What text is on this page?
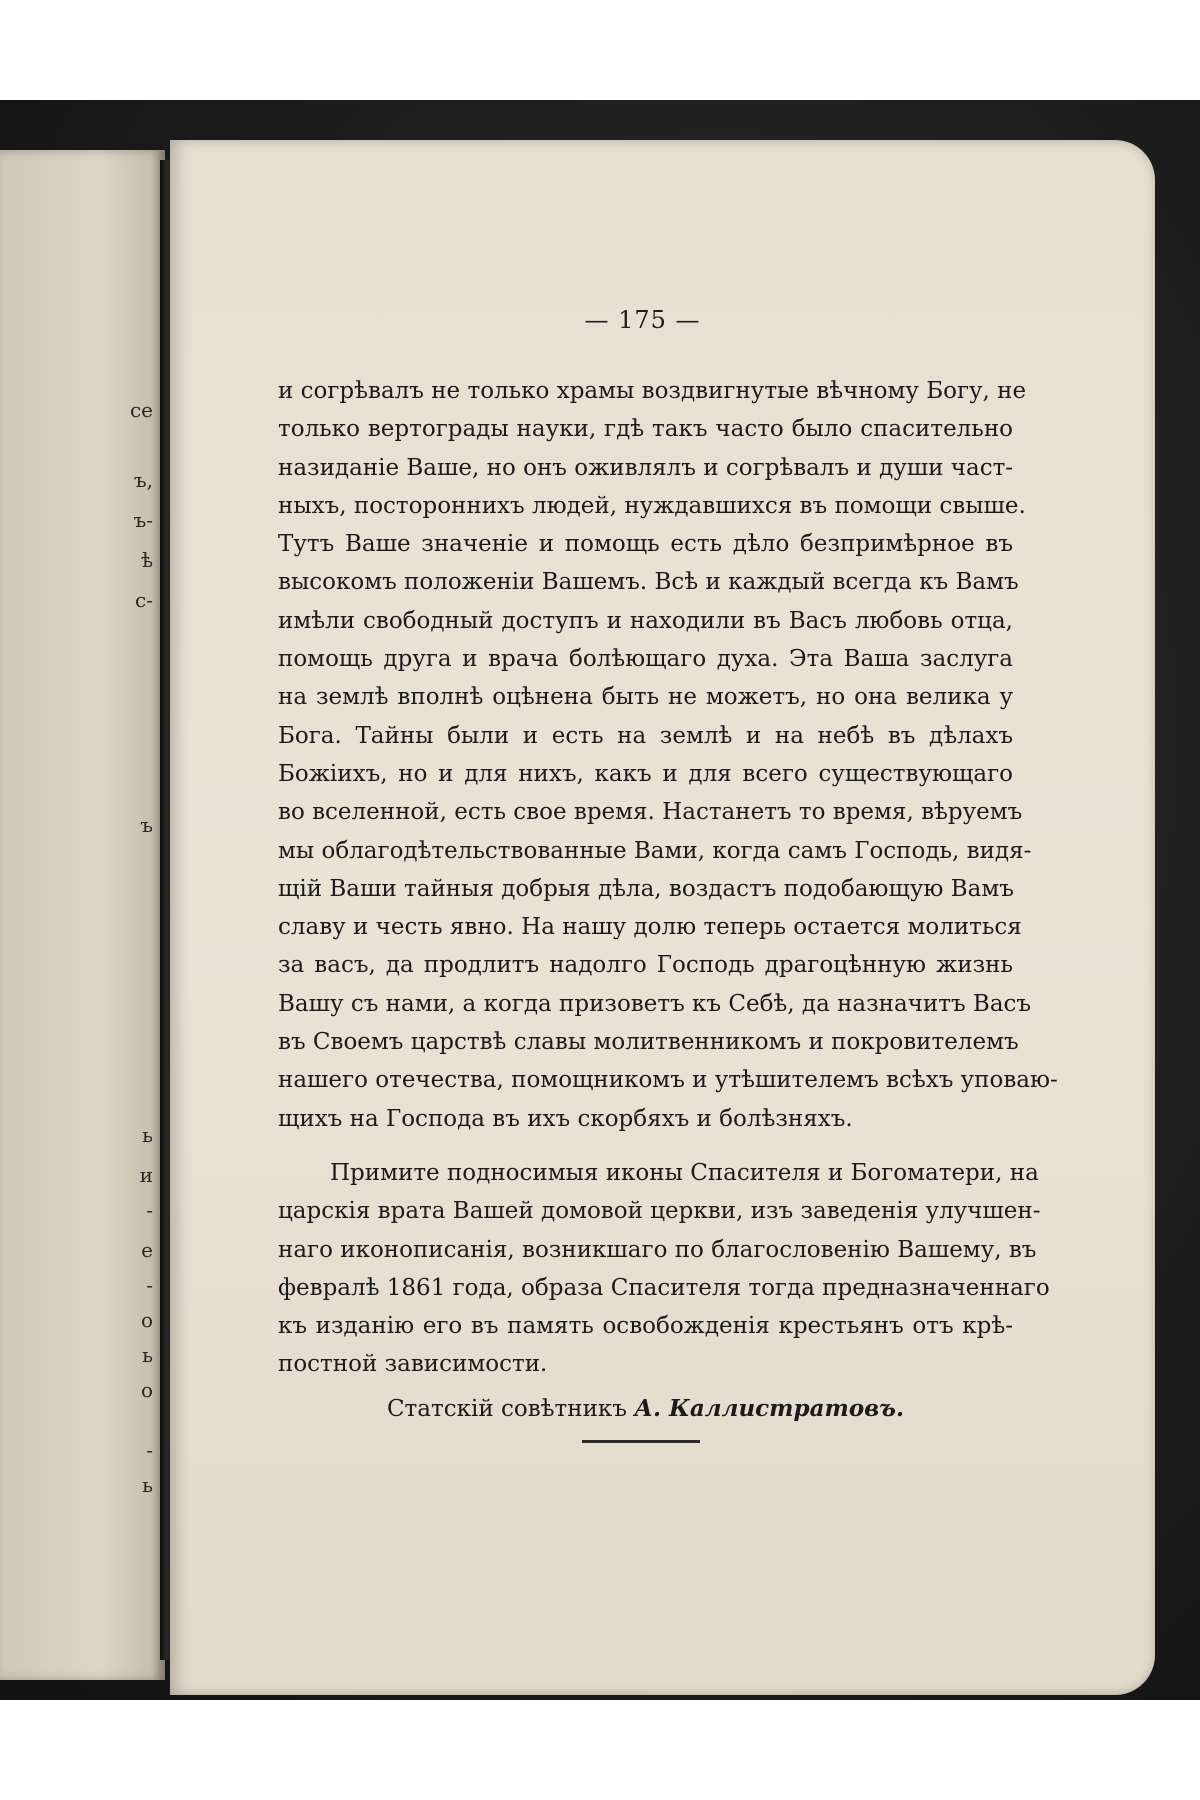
се
ъ,
ъ-
ѣ
с-
ъ
ь
и
-
е
-
о
ь
о
-
ь
— 175 —
и согрѣвалъ не только храмы воздвигнутые вѣчному Богу, не
только вертограды науки, гдѣ такъ часто было спасительно
назиданіе Ваше, но онъ оживлялъ и согрѣвалъ и души част-
ныхъ, постороннихъ людей, нуждавшихся въ помощи свыше.
Тутъ Ваше значеніе и помощь есть дѣло безпримѣрное въ
высокомъ положеніи Вашемъ. Всѣ и каждый всегда къ Вамъ
имѣли свободный доступъ и находили въ Васъ любовь отца,
помощь друга и врача болѣющаго духа. Эта Ваша заслуга
на землѣ вполнѣ оцѣнена быть не можетъ, но она велика у
Бога. Тайны были и есть на землѣ и на небѣ въ дѣлахъ
Божіихъ, но и для нихъ, какъ и для всего существующаго
во вселенной, есть свое время. Настанетъ то время, вѣруемъ
мы облагодѣтельствованные Вами, когда самъ Господь, видя-
щій Ваши тайныя добрыя дѣла, воздастъ подобающую Вамъ
славу и честь явно. На нашу долю теперь остается молиться
за васъ, да продлитъ надолго Господь драгоцѣнную жизнь
Вашу съ нами, а когда призоветъ къ Себѣ, да назначитъ Васъ
въ Своемъ царствѣ славы молитвенникомъ и покровителемъ
нашего отечества, помощникомъ и утѣшителемъ всѣхъ уповаю-
щихъ на Господа въ ихъ скорбяхъ и болѣзняхъ.
Примите подносимыя иконы Спасителя и Богоматери, на
царскія врата Вашей домовой церкви, изъ заведенія улучшен-
наго иконописанія, возникшаго по благословенію Вашему, въ
февралѣ 1861 года, образа Спасителя тогда предназначеннаго
къ изданію его въ память освобожденія крестьянъ отъ крѣ-
постной зависимости.
Статскій совѣтникъ А. Каллистратовъ.
